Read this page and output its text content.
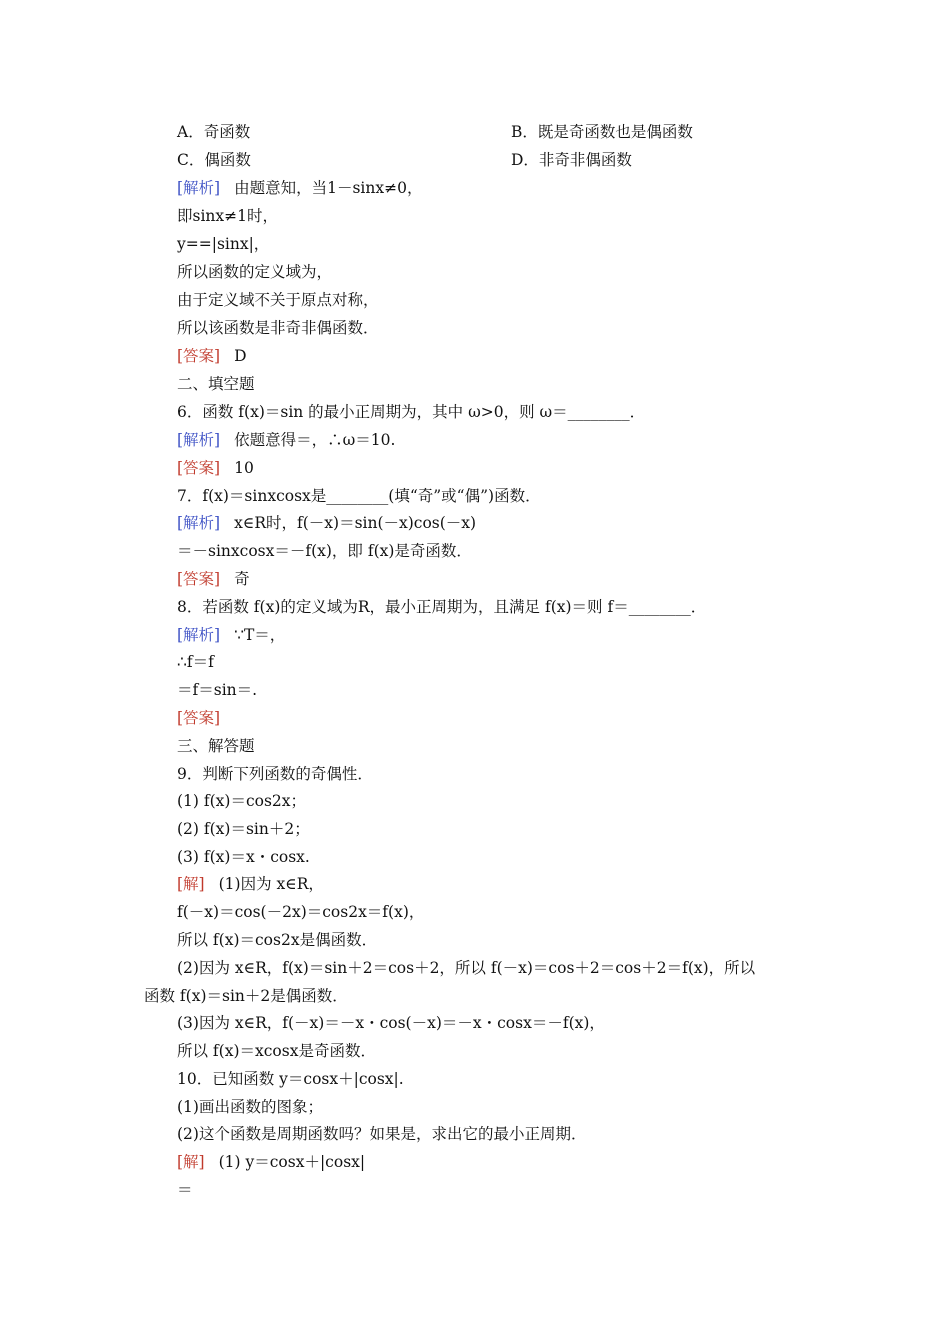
A．奇函数	B．既是奇函数也是偶函数
C．偶函数	D．非奇非偶函数
[解析] 由题意知，当1－sinx≠0，
即sinx≠1时，
y==|sinx|，
所以函数的定义域为，
由于定义域不关于原点对称，
所以该函数是非奇非偶函数．
[答案] D
二、填空题
6．函数 f(x)＝sin 的最小正周期为，其中 ω>0，则 ω＝________．
[解析] 依题意得＝，∴ω＝10.
[答案] 10
7．f(x)＝sinxcosx是________(填“奇”或“偶”)函数．
[解析] x∈R时，f(－x)＝sin(－x)cos(－x)
＝－sinxcosx＝－f(x)，即 f(x)是奇函数．
[答案] 奇
8．若函数 f(x)的定义域为R，最小正周期为，且满足 f(x)＝则 f＝________．
[解析] ∵T＝，
∴f＝f
＝f＝sin＝.
[答案]
三、解答题
9．判断下列函数的奇偶性．
(1) f(x)＝cos2x；
(2) f(x)＝sin＋2；
(3) f(x)＝x・cosx.
[解] (1)因为 x∈R，
f(－x)＝cos(－2x)＝cos2x＝f(x)，
所以 f(x)＝cos2x是偶函数．
(2)因为 x∈R，f(x)＝sin＋2＝cos＋2，所以 f(－x)＝cos＋2＝cos＋2＝f(x)，所以
函数 f(x)＝sin＋2是偶函数．
(3)因为 x∈R，f(－x)＝－x・cos(－x)＝－x・cosx＝－f(x)，
所以 f(x)＝xcosx是奇函数．
10．已知函数 y＝cosx＋|cosx|.
(1)画出函数的图象；
(2)这个函数是周期函数吗？如果是，求出它的最小正周期．
[解] (1) y＝cosx＋|cosx|
＝
